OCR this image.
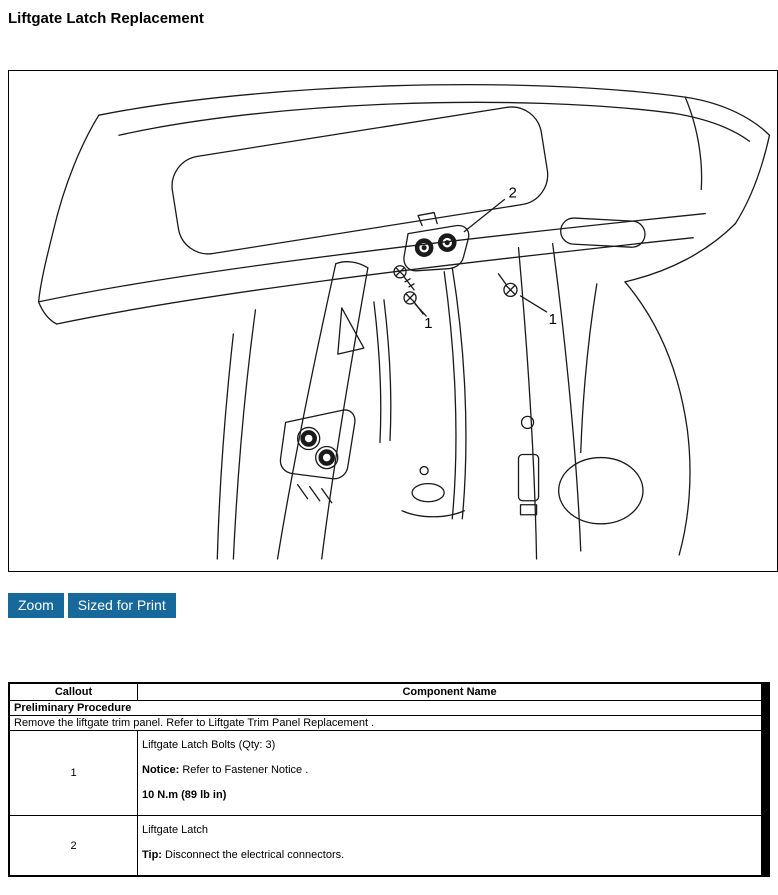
Liftgate Latch Replacement
2
1	1
Zoom	Sized for Print
Callout	Component Name
Preliminary Procedure	
Remove the liftgate trim panel. Refer to Liftgate Trim Panel Replacement .	
1	Liftgate Latch Bolts (Qty: 3)

Notice: Refer to Fastener Notice .

10 N.m (89 lb in)

2	Liftgate Latch

Tip: Disconnect the electrical connectors.
